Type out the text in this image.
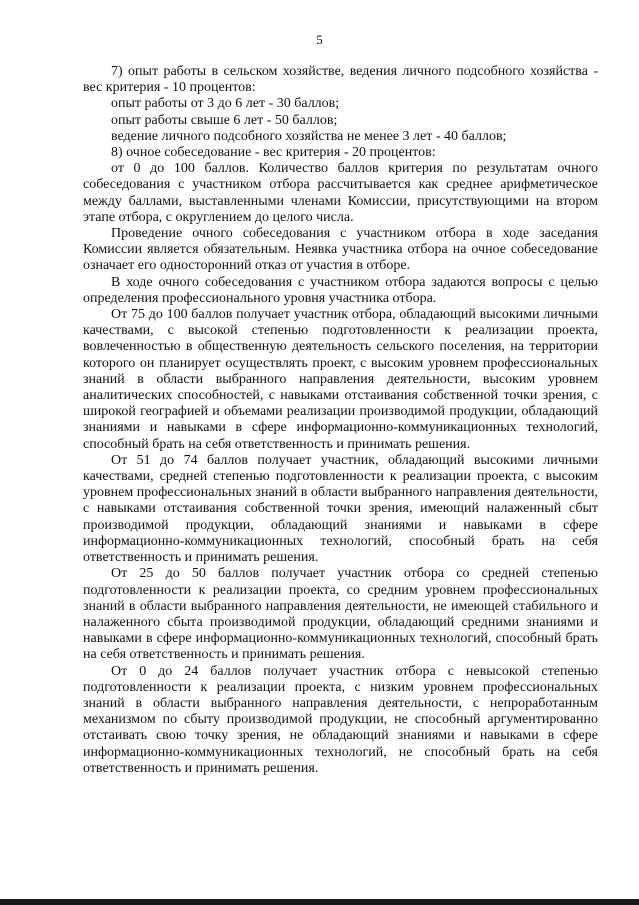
5

7) опыт работы в сельском хозяйстве, ведения личного подсобного хозяйства - вес критерия - 10 процентов:

опыт работы от 3 до 6 лет - 30 баллов;

опыт работы свыше 6 лет - 50 баллов;

ведение личного подсобного хозяйства не менее 3 лет - 40 баллов;

8) очное собеседование - вес критерия - 20 процентов:

от 0 до 100 баллов. Количество баллов критерия по результатам очного собеседования с участником отбора рассчитывается как среднее арифметическое между баллами, выставленными членами Комиссии, присутствующими на втором этапе отбора, с округлением до целого числа.

Проведение очного собеседования с участником отбора в ходе заседания Комиссии является обязательным. Неявка участника отбора на очное собеседование означает его односторонний отказ от участия в отборе.

В ходе очного собеседования с участником отбора задаются вопросы с целью определения профессионального уровня участника отбора.

От 75 до 100 баллов получает участник отбора, обладающий высокими личными качествами, с высокой степенью подготовленности к реализации проекта, вовлеченностью в общественную деятельность сельского поселения, на территории которого он планирует осуществлять проект, с высоким уровнем профессиональных знаний в области выбранного направления деятельности, высоким уровнем аналитических способностей, с навыками отстаивания собственной точки зрения, с широкой географией и объемами реализации производимой продукции, обладающий знаниями и навыками в сфере информационно-коммуникационных технологий, способный брать на себя ответственность и принимать решения.

От 51 до 74 баллов получает участник, обладающий высокими личными качествами, средней степенью подготовленности к реализации проекта, с высоким уровнем профессиональных знаний в области выбранного направления деятельности, с навыками отстаивания собственной точки зрения, имеющий налаженный сбыт производимой продукции, обладающий знаниями и навыками в сфере информационно-коммуникационных технологий, способный брать на себя ответственность и принимать решения.

От 25 до 50 баллов получает участник отбора со средней степенью подготовленности к реализации проекта, со средним уровнем профессиональных знаний в области выбранного направления деятельности, не имеющей стабильного и налаженного сбыта производимой продукции, обладающий средними знаниями и навыками в сфере информационно-коммуникационных технологий, способный брать на себя ответственность и принимать решения.

От 0 до 24 баллов получает участник отбора с невысокой степенью подготовленности к реализации проекта, с низким уровнем профессиональных знаний в области выбранного направления деятельности, с непроработанным механизмом по сбыту производимой продукции, не способный аргументированно отстаивать свою точку зрения, не обладающий знаниями и навыками в сфере информационно-коммуникационных технологий, не способный брать на себя ответственность и принимать решения.
